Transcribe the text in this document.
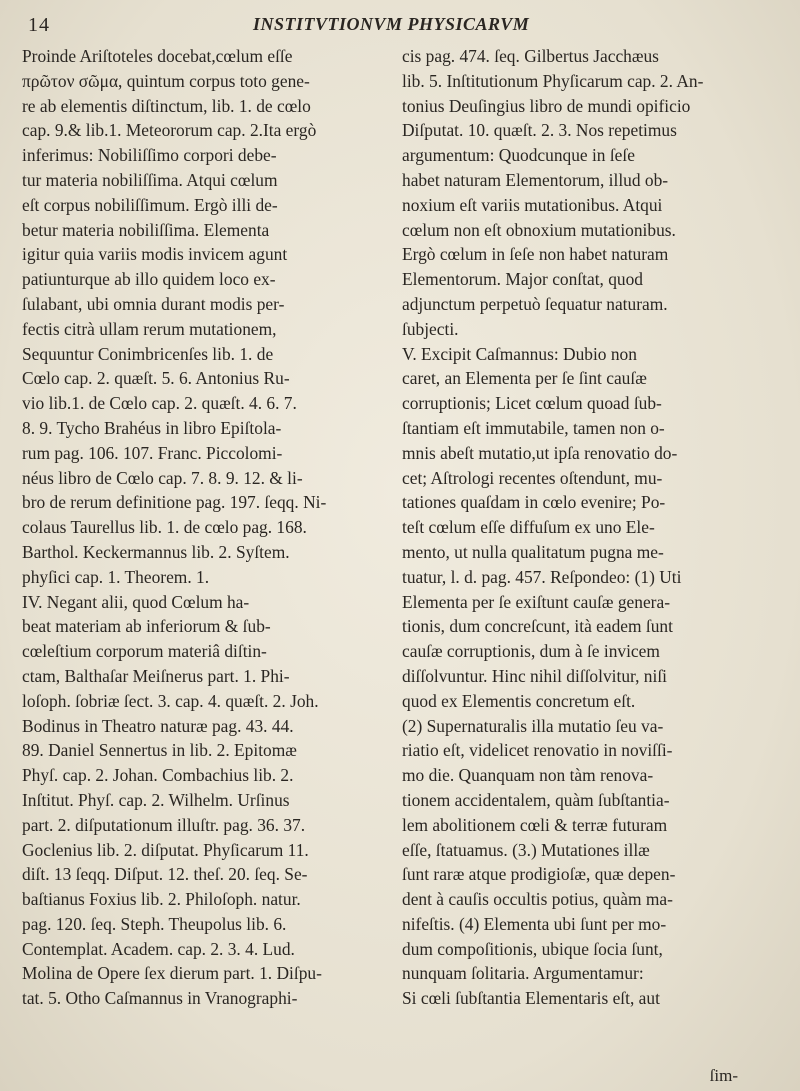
14	INSTITVTIONVM PHYSICARVM
Proinde Ariſtoteles docebat,cœlum eſſe
πρῶτον σῶμα, quintum corpus toto gene-
re ab elementis diſtinctum, lib. 1. de cœlo
cap. 9.& lib.1. Meteororum cap. 2.Ita ergò
inferimus: Nobiliſſimo corpori debe-
tur materia nobiliſſima. Atqui cœlum
eſt corpus nobiliſſimum. Ergò illi de-
betur materia nobiliſſima. Elementa
igitur quia variis modis invicem agunt
patiunturque ab illo quidem loco ex-
ſulabant, ubi omnia durant modis per-
fectis citrà ullam rerum mutationem,
Sequuntur Conimbricenſes lib. 1. de
Cœlo cap. 2. quæſt. 5. 6. Antonius Ru-
vio lib.1. de Cœlo cap. 2. quæſt. 4. 6. 7.
8. 9. Tycho Brahéus in libro Epiſtola-
rum pag. 106. 107. Franc. Piccolomi-
néus libro de Cœlo cap. 7. 8. 9. 12. & li-
bro de rerum definitione pag. 197. ſeqq. Ni-
colaus Taurellus lib. 1. de cœlo pag. 168.
Barthol. Keckermannus lib. 2. Syſtem.
phyſici cap. 1. Theorem. 1.
IV. Negant alii, quod Cœlum ha-
beat materiam ab inferiorum & ſub-
cœleſtium corporum materiâ diſtin-
ctam, Balthaſar Meiſnerus part. 1. Phi-
loſoph. ſobriæ ſect. 3. cap. 4. quæſt. 2. Joh.
Bodinus in Theatro naturæ pag. 43. 44.
89. Daniel Sennertus in lib. 2. Epitomæ
Phyſ. cap. 2. Johan. Combachius lib. 2.
Inſtitut. Phyſ. cap. 2. Wilhelm. Urſinus
part. 2. diſputationum illuſtr. pag. 36. 37.
Goclenius lib. 2. diſputat. Phyſicarum 11.
diſt. 13 ſeqq. Diſput. 12. theſ. 20. ſeq. Se-
baſtianus Foxius lib. 2. Philoſoph. natur.
pag. 120. ſeq. Steph. Theupolus lib. 6.
Contemplat. Academ. cap. 2. 3. 4. Lud.
Molina de Opere ſex dierum part. 1. Diſpu-
tat. 5. Otho Caſmannus in Vranographi-
cis pag. 474. ſeq. Gilbertus Jacchæus
lib. 5. Inſtitutionum Phyſicarum cap. 2. An-
tonius Deuſingius libro de mundi opificio
Diſputat. 10. quæſt. 2. 3. Nos repetimus
argumentum: Quodcunque in ſeſe
habet naturam Elementorum, illud ob-
noxium eſt variis mutationibus. Atqui
cœlum non eſt obnoxium mutationibus.
Ergò cœlum in ſeſe non habet naturam
Elementorum. Major conſtat, quod
adjunctum perpetuò ſequatur naturam.
ſubjecti.
V. Excipit Caſmannus: Dubio non
caret, an Elementa per ſe ſint cauſæ
corruptionis; Licet cœlum quoad ſub-
ſtantiam eſt immutabile, tamen non o-
mnis abeſt mutatio,ut ipſa renovatio do-
cet; Aſtrologi recentes oſtendunt, mu-
tationes quaſdam in cœlo evenire; Po-
teſt cœlum eſſe diffuſum ex uno Ele-
mento, ut nulla qualitatum pugna me-
tuatur, l. d. pag. 457. Reſpondeo: (1) Uti
Elementa per ſe exiſtunt cauſæ genera-
tionis, dum concreſcunt, ità eadem ſunt
cauſæ corruptionis, dum à ſe invicem
diſſolvuntur. Hinc nihil diſſolvitur, niſi
quod ex Elementis concretum eſt.
(2) Supernaturalis illa mutatio ſeu va-
riatio eſt, videlicet renovatio in noviſſi-
mo die. Quanquam non tàm renova-
tionem accidentalem, quàm ſubſtantia-
lem abolitionem cœli & terræ futuram
eſſe, ſtatuamus. (3.) Mutationes illæ
ſunt raræ atque prodigioſæ, quæ depen-
dent à cauſis occultis potius, quàm ma-
nifeſtis. (4) Elementa ubi ſunt per mo-
dum compoſitionis, ubique ſocia ſunt,
nunquam ſolitaria. Argumentamur:
Si cœli ſubſtantia Elementaris eſt, aut
ſim-
